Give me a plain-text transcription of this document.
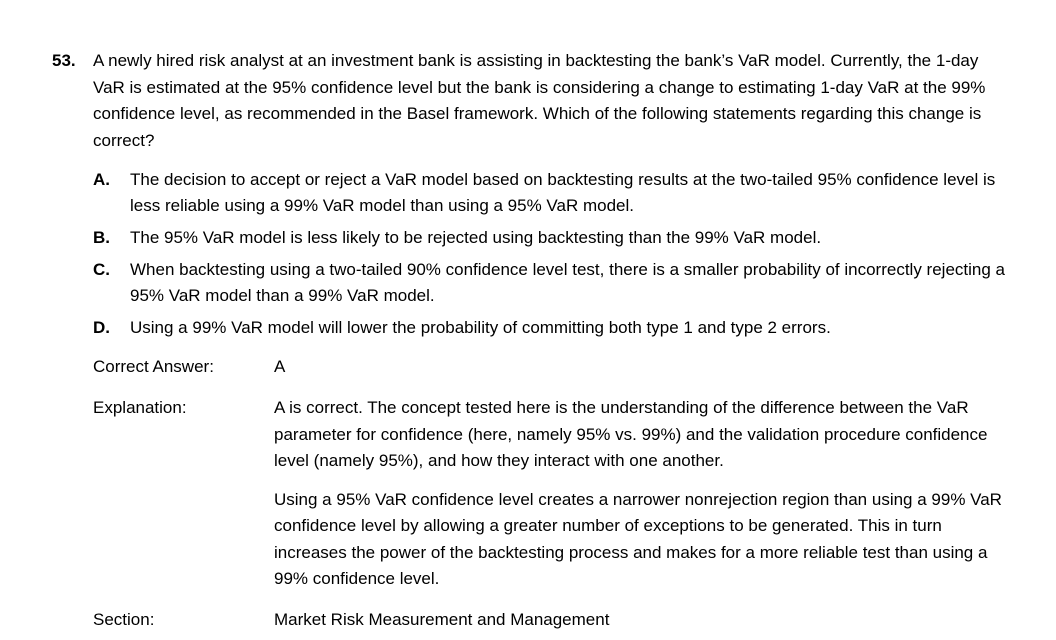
53. A newly hired risk analyst at an investment bank is assisting in backtesting the bank’s VaR model. Currently, the 1-day VaR is estimated at the 95% confidence level but the bank is considering a change to estimating 1-day VaR at the 99% confidence level, as recommended in the Basel framework. Which of the following statements regarding this change is correct?
A. The decision to accept or reject a VaR model based on backtesting results at the two-tailed 95% confidence level is less reliable using a 99% VaR model than using a 95% VaR model.
B. The 95% VaR model is less likely to be rejected using backtesting than the 99% VaR model.
C. When backtesting using a two-tailed 90% confidence level test, there is a smaller probability of incorrectly rejecting a 95% VaR model than a 99% VaR model.
D. Using a 99% VaR model will lower the probability of committing both type 1 and type 2 errors.
Correct Answer:	A
Explanation:	A is correct. The concept tested here is the understanding of the difference between the VaR parameter for confidence (here, namely 95% vs. 99%) and the validation procedure confidence level (namely 95%), and how they interact with one another.

Using a 95% VaR confidence level creates a narrower nonrejection region than using a 99% VaR confidence level by allowing a greater number of exceptions to be generated. This in turn increases the power of the backtesting process and makes for a more reliable test than using a 99% confidence level.

Section:	Market Risk Measurement and Management
